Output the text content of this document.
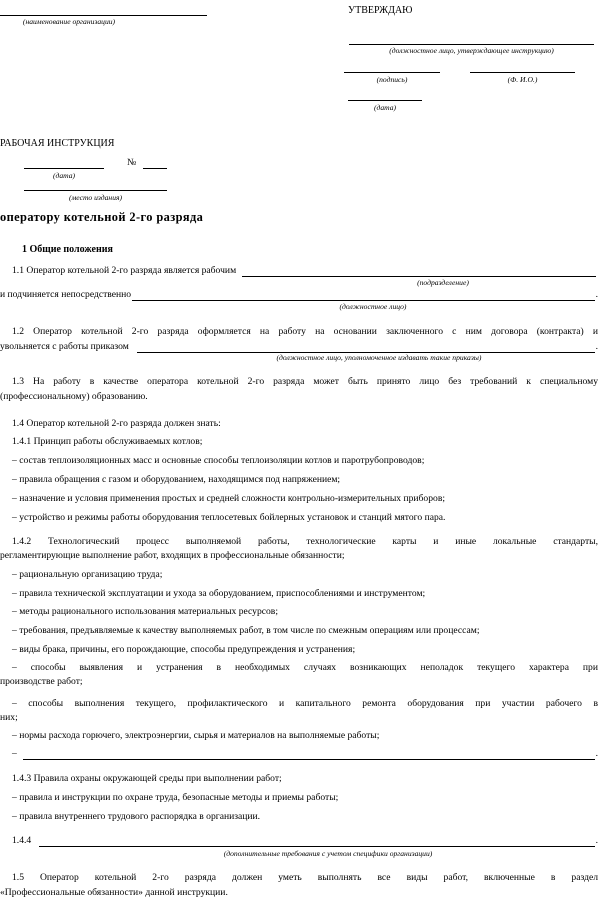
(наименование организации)
УТВЕРЖДАЮ
(должностное лицо, утверждающее инструкцию)
(подпись)	(Ф. И.О.)
(дата)
РАБОЧАЯ ИНСТРУКЦИЯ
№
(дата)
(место издания)
оператору котельной 2-го разряда
1 Общие положения
1.1 Оператор котельной 2-го разряда является рабочим
(подразделение)
и подчиняется непосредственно	.
(должностное лицо)
1.2 Оператор котельной 2-го разряда оформляется на работу на основании заключенного с ним договора (контракта) и
увольняется с работы приказом	.
(должностное лицо, уполномоченное издавать такие приказы)
1.3 На работу в качестве оператора котельной 2-го разряда может быть принято лицо без требований к специальному
(профессиональному) образованию.
1.4 Оператор котельной 2-го разряда должен знать:
1.4.1 Принцип работы обслуживаемых котлов;
– состав теплоизоляционных масс и основные способы теплоизоляции котлов и паротрубопроводов;
– правила обращения с газом и оборудованием, находящимся под напряжением;
– назначение и условия применения простых и средней сложности контрольно-измерительных приборов;
– устройство и режимы работы оборудования теплосетевых бойлерных установок и станций мятого пара.
1.4.2 Технологический процесс выполняемой работы, технологические карты и иные локальные стандарты,
регламентирующие выполнение работ, входящих в профессиональные обязанности;
– рациональную организацию труда;
– правила технической эксплуатации и ухода за оборудованием, приспособлениями и инструментом;
– методы рационального использования материальных ресурсов;
– требования, предъявляемые к качеству выполняемых работ, в том числе по смежным операциям или процессам;
– виды брака, причины, его порождающие, способы предупреждения и устранения;
– способы выявления и устранения в необходимых случаях возникающих неполадок текущего характера при
производстве работ;
– способы выполнения текущего, профилактического и капитального ремонта оборудования при участии рабочего в
них;
– нормы расхода горючего, электроэнергии, сырья и материалов на выполняемые работы;
–	.
1.4.3 Правила охраны окружающей среды при выполнении работ;
– правила и инструкции по охране труда, безопасные методы и приемы работы;
– правила внутреннего трудового распорядка в организации.
1.4.4	.
(дополнительные требования с учетом специфики организации)
1.5 Оператор котельной 2-го разряда должен уметь выполнять все виды работ, включенные в раздел
«Профессиональные обязанности» данной инструкции.
